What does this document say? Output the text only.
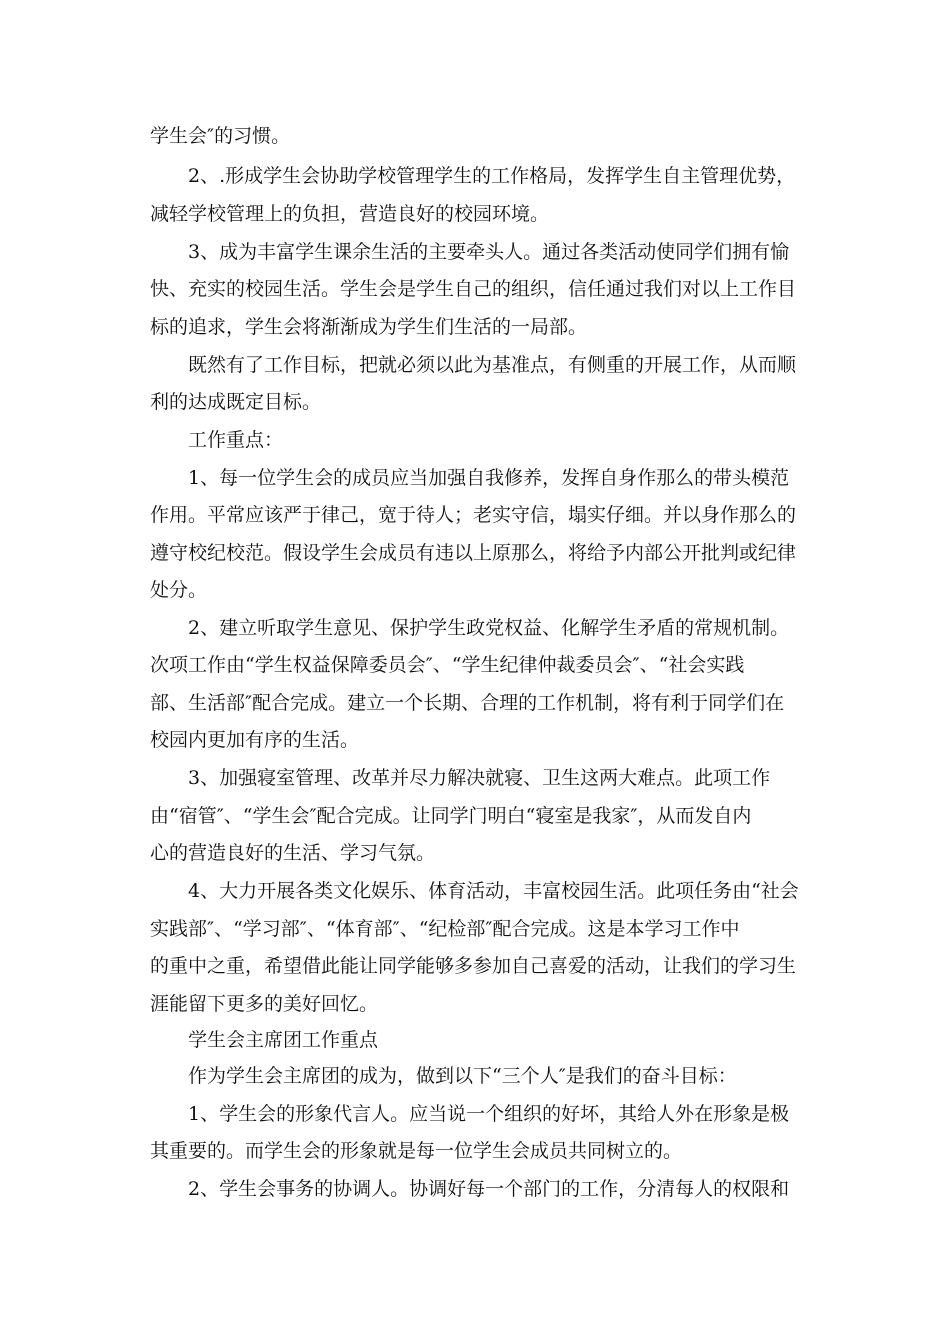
学生会″的习惯。
2、.形成学生会协助学校管理学生的工作格局，发挥学生自主管理优势，
减轻学校管理上的负担，营造良好的校园环境。
3、成为丰富学生课余生活的主要牵头人。通过各类活动使同学们拥有愉
快、充实的校园生活。学生会是学生自己的组织，信任通过我们对以上工作目
标的追求，学生会将渐渐成为学生们生活的一局部。
既然有了工作目标，把就必须以此为基准点，有侧重的开展工作，从而顺
利的达成既定目标。
工作重点：
1、每一位学生会的成员应当加强自我修养，发挥自身作那么的带头模范
作用。平常应该严于律己，宽于待人；老实守信，塌实仔细。并以身作那么的
遵守校纪校范。假设学生会成员有违以上原那么，将给予内部公开批判或纪律
处分。
2、建立听取学生意见、保护学生政党权益、化解学生矛盾的常规机制。
次项工作由“学生权益保障委员会″、“学生纪律仲裁委员会″、“社会实践
部、生活部″配合完成。建立一个长期、合理的工作机制，将有利于同学们在
校园内更加有序的生活。
3、加强寝室管理、改革并尽力解决就寝、卫生这两大难点。此项工作
由“宿管″、“学生会″配合完成。让同学门明白“寝室是我家″，从而发自内
心的营造良好的生活、学习气氛。
4、大力开展各类文化娱乐、体育活动，丰富校园生活。此项任务由“社会
实践部″、“学习部″、“体育部″、“纪检部″配合完成。这是本学习工作中
的重中之重，希望借此能让同学能够多参加自己喜爱的活动，让我们的学习生
涯能留下更多的美好回忆。
学生会主席团工作重点
作为学生会主席团的成为，做到以下“三个人″是我们的奋斗目标：
1、学生会的形象代言人。应当说一个组织的好坏，其给人外在形象是极
其重要的。而学生会的形象就是每一位学生会成员共同树立的。
2、学生会事务的协调人。协调好每一个部门的工作，分清每人的权限和
